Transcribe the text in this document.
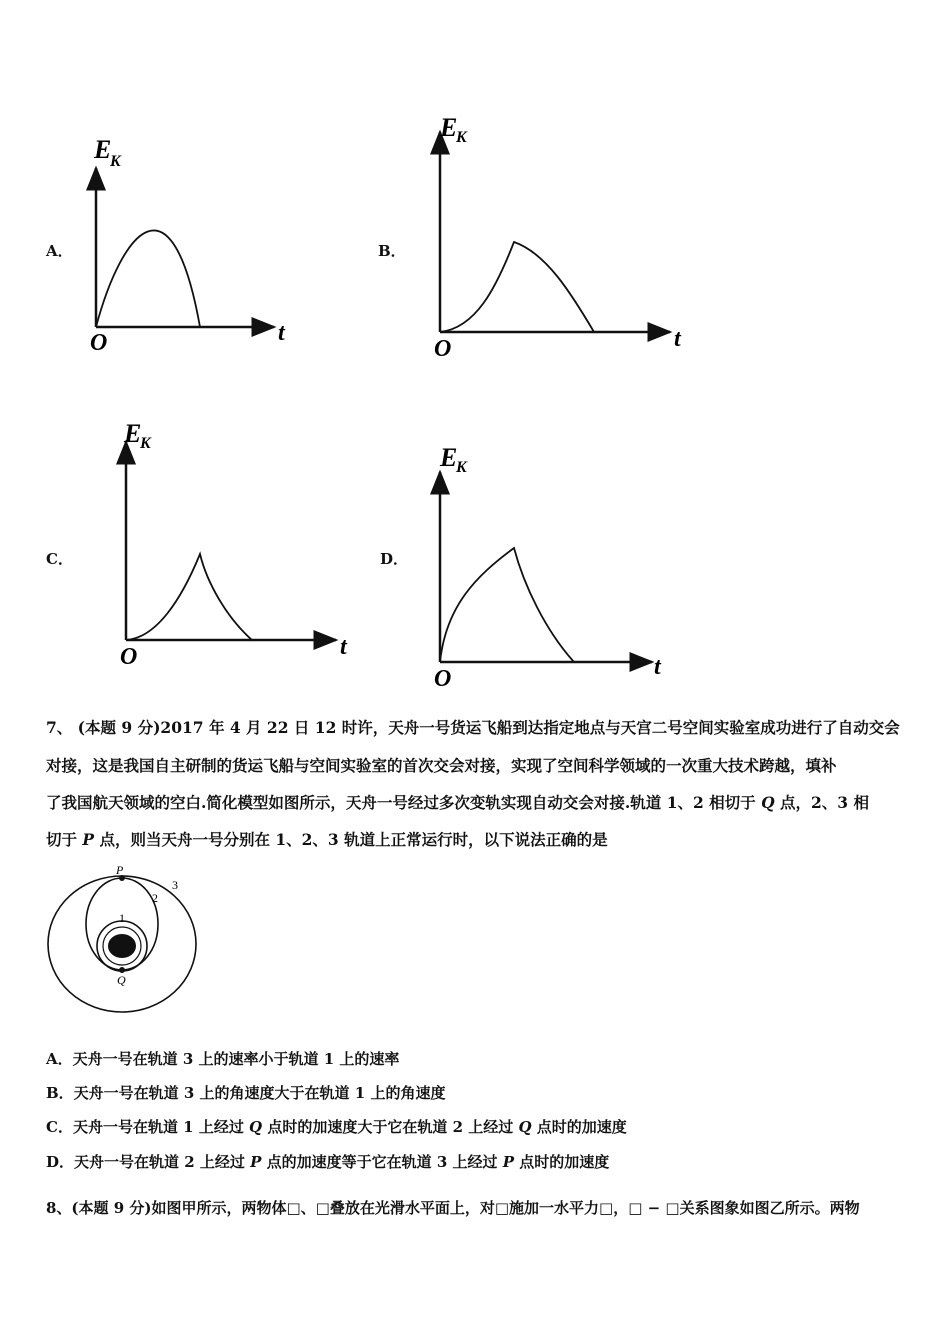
A．
E
K
t
O
B．
E
K
t
O
C．
E
K
t
O
D．
E
K
t
O
7、 (本题 9 分)2017 年 4 月 22 日 12 时许，天舟一号货运飞船到达指定地点与天宫二号空间实验室成功进行了自动交会
对接，这是我国自主研制的货运飞船与空间实验室的首次交会对接，实现了空间科学领域的一次重大技术跨越，填补
了我国航天领域的空白.简化模型如图所示，天舟一号经过多次变轨实现自动交会对接.轨道 1、2 相切于 Q 点，2、3 相
切于 P 点，则当天舟一号分别在 1、2、3 轨道上正常运行时，以下说法正确的是
P
Q
1
2
3
A．天舟一号在轨道 3 上的速率小于轨道 1 上的速率
B．天舟一号在轨道 3 上的角速度大于在轨道 1 上的角速度
C．天舟一号在轨道 1 上经过 Q 点时的加速度大于它在轨道 2 上经过 Q 点时的加速度
D．天舟一号在轨道 2 上经过 P 点的加速度等于它在轨道 3 上经过 P 点时的加速度
8、(本题 9 分)如图甲所示，两物体□、□叠放在光滑水平面上，对□施加一水平力□，□ − □关系图象如图乙所示。两物
